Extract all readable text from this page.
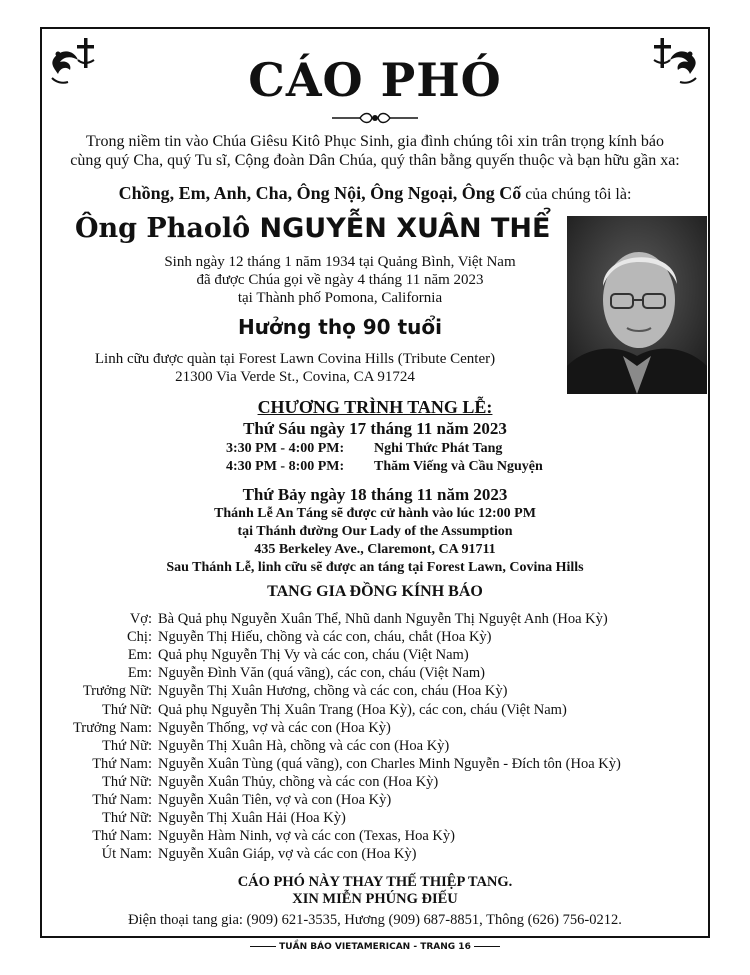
CÁO PHÓ
Trong niềm tin vào Chúa Giêsu Kitô Phục Sinh, gia đình chúng tôi xin trân trọng kính báo
cùng quý Cha, quý Tu sĩ, Cộng đoàn Dân Chúa, quý thân bằng quyến thuộc và bạn hữu gần xa:
Chồng, Em, Anh, Cha, Ông Nội, Ông Ngoại, Ông Cố của chúng tôi là:
Ông Phaolô NGUYỄN XUÂN THỂ
Sinh ngày 12 tháng 1 năm 1934 tại Quảng Bình, Việt Nam
đã được Chúa gọi về ngày 4 tháng 11 năm 2023
tại Thành phố Pomona, California
Hưởng thọ 90 tuổi
Linh cữu được quàn tại Forest Lawn Covina Hills (Tribute Center)
21300 Via Verde St., Covina, CA 91724
CHƯƠNG TRÌNH TANG LỄ:
Thứ Sáu ngày 17 tháng 11 năm 2023
3:30 PM - 4:00 PM: Nghi Thức Phát Tang
4:30 PM - 8:00 PM: Thăm Viếng và Cầu Nguyện
Thứ Bảy ngày 18 tháng 11 năm 2023
Thánh Lễ An Táng sẽ được cử hành vào lúc 12:00 PM
tại Thánh đường Our Lady of the Assumption
435 Berkeley Ave., Claremont, CA 91711
Sau Thánh Lễ, linh cữu sẽ được an táng tại Forest Lawn, Covina Hills
TANG GIA ĐỒNG KÍNH BÁO
Vợ: Bà Quả phụ Nguyễn Xuân Thể, Nhũ danh Nguyễn Thị Nguyệt Anh (Hoa Kỳ)
Chị: Nguyễn Thị Hiếu, chồng và các con, cháu, chắt (Hoa Kỳ)
Em: Quả phụ Nguyễn Thị Vy và các con, cháu (Việt Nam)
Em: Nguyễn Đình Văn (quá vãng), các con, cháu (Việt Nam)
Trưởng Nữ: Nguyễn Thị Xuân Hương, chồng và các con, cháu (Hoa Kỳ)
Thứ Nữ: Quả phụ Nguyễn Thị Xuân Trang (Hoa Kỳ), các con, cháu (Việt Nam)
Trưởng Nam: Nguyễn Thống, vợ và các con (Hoa Kỳ)
Thứ Nữ: Nguyễn Thị Xuân Hà, chồng và các con (Hoa Kỳ)
Thứ Nam: Nguyễn Xuân Tùng (quá vãng), con Charles Minh Nguyễn - Đích tôn (Hoa Kỳ)
Thứ Nữ: Nguyễn Xuân Thủy, chồng và các con (Hoa Kỳ)
Thứ Nam: Nguyễn Xuân Tiên, vợ và con (Hoa Kỳ)
Thứ Nữ: Nguyễn Thị Xuân Hải (Hoa Kỳ)
Thứ Nam: Nguyễn Hàm Ninh, vợ và các con (Texas, Hoa Kỳ)
Út Nam: Nguyễn Xuân Giáp, vợ và các con (Hoa Kỳ)
CÁO PHÓ NÀY THAY THẾ THIỆP TANG.
XIN MIỄN PHÚNG ĐIẾU
Điện thoại tang gia: (909) 621-3535, Hương (909) 687-8851, Thông (626) 756-0212.
TUẦN BÁO VIETAMERICAN - TRANG 16
